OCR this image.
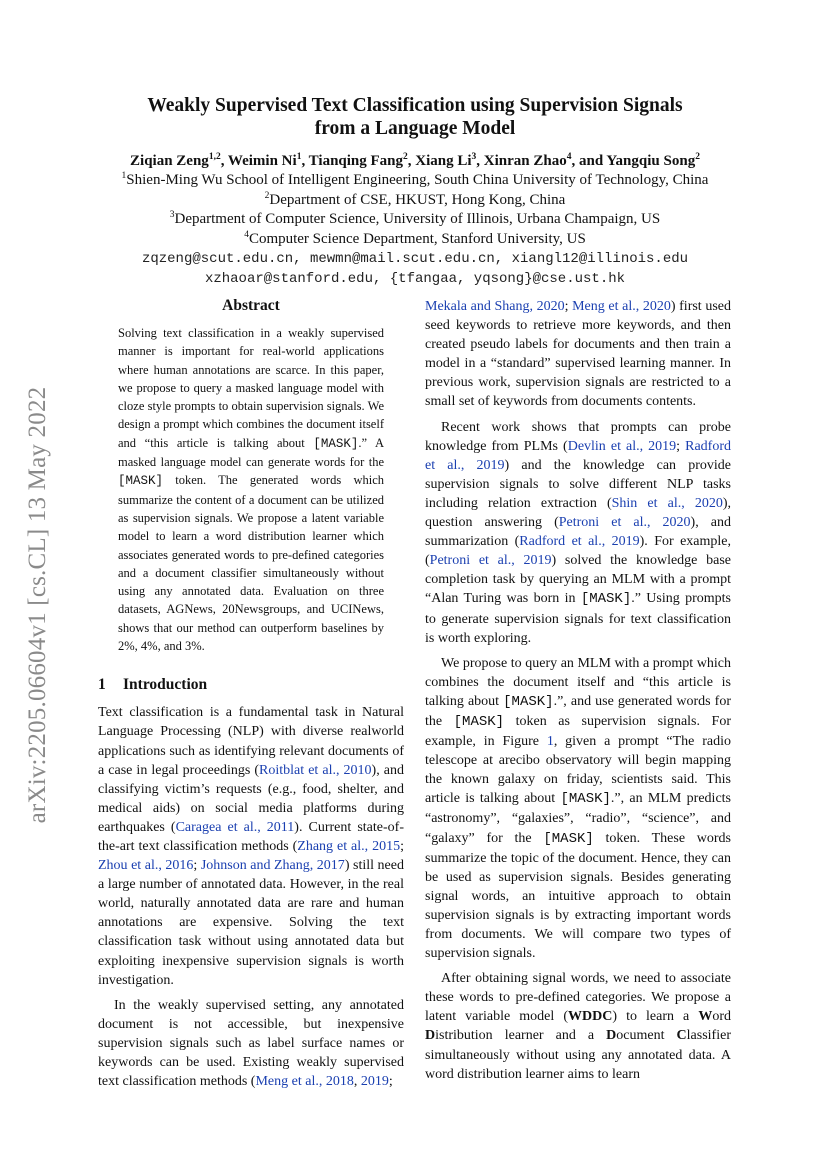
arXiv:2205.06604v1 [cs.CL] 13 May 2022
Weakly Supervised Text Classification using Supervision Signals
from a Language Model
Ziqian Zeng$^{1,2}$, Weimin Ni$^1$, Tianqing Fang$^2$, Xiang Li$^3$, Xinran Zhao$^4$, and Yangqiu Song$^2$
$^1$Shien-Ming Wu School of Intelligent Engineering, South China University of Technology, China
$^2$Department of CSE, HKUST, Hong Kong, China
$^3$Department of Computer Science, University of Illinois, Urbana Champaign, US
$^4$Computer Science Department, Stanford University, US
zqzeng@scut.edu.cn, mewmn@mail.scut.edu.cn, xiangl12@illinois.edu
xzhaoar@stanford.edu, {tfangaa, yqsong}@cse.ust.hk
Abstract

Solving text classification in a weakly supervised manner is important for real-world applications where human annotations are scarce. In this paper, we propose to query a masked language model with cloze style prompts to obtain supervision signals. We design a prompt which combines the document itself and “this article is talking about [MASK].” A masked language model can generate words for the [MASK] token. The generated words which summarize the content of a document can be utilized as supervision signals. We propose a latent variable model to learn a word distribution learner which associates generated words to pre-defined categories and a document classifier simultaneously without using any annotated data. Evaluation on three datasets, AGNews, 20Newsgroups, and UCINews, shows that our method can outperform baselines by 2%, 4%, and 3%.

1 Introduction

Text classification is a fundamental task in Natural Language Processing (NLP) with diverse realworld applications such as identifying relevant documents of a case in legal proceedings (Roitblat et al., 2010), and classifying victim’s requests (e.g., food, shelter, and medical aids) on social media platforms during earthquakes (Caragea et al., 2011). Current state-of-the-art text classification methods (Zhang et al., 2015; Zhou et al., 2016; Johnson and Zhang, 2017) still need a large number of annotated data. However, in the real world, naturally annotated data are rare and human annotations are expensive. Solving the text classification task without using annotated data but exploiting inexpensive supervision signals is worth investigation.

In the weakly supervised setting, any annotated document is not accessible, but inexpensive supervision signals such as label surface names or keywords can be used. Existing weakly supervised text classification methods (Meng et al., 2018, 2019;

Mekala and Shang, 2020; Meng et al., 2020) first used seed keywords to retrieve more keywords, and then created pseudo labels for documents and then train a model in a “standard” supervised learning manner. In previous work, supervision signals are restricted to a small set of keywords from documents contents.

Recent work shows that prompts can probe knowledge from PLMs (Devlin et al., 2019; Radford et al., 2019) and the knowledge can provide supervision signals to solve different NLP tasks including relation extraction (Shin et al., 2020), question answering (Petroni et al., 2020), and summarization (Radford et al., 2019). For example, (Petroni et al., 2019) solved the knowledge base completion task by querying an MLM with a prompt “Alan Turing was born in [MASK].” Using prompts to generate supervision signals for text classification is worth exploring.

We propose to query an MLM with a prompt which combines the document itself and “this article is talking about [MASK].”, and use generated words for the [MASK] token as supervision signals. For example, in Figure 1, given a prompt “The radio telescope at arecibo observatory will begin mapping the known galaxy on friday, scientists said. This article is talking about [MASK].”, an MLM predicts “astronomy”, “galaxies”, “radio”, “science”, and “galaxy” for the [MASK] token. These words summarize the topic of the document. Hence, they can be used as supervision signals. Besides generating signal words, an intuitive approach to obtain supervision signals is by extracting important words from documents. We will compare two types of supervision signals.

After obtaining signal words, we need to associate these words to pre-defined categories. We propose a latent variable model (WDDC) to learn a Word Distribution learner and a Document Classifier simultaneously without using any annotated data. A word distribution learner aims to learn
